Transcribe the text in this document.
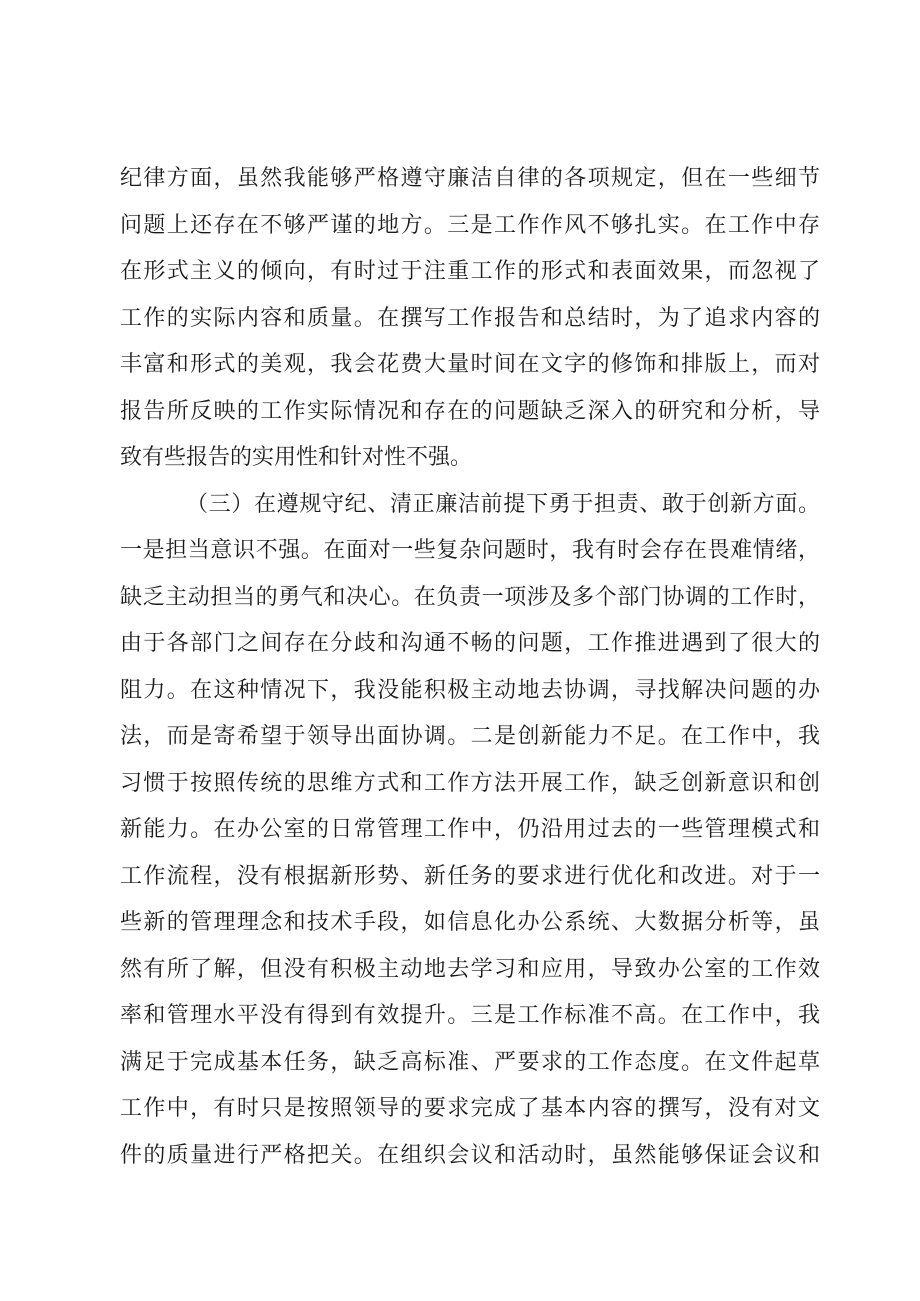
纪律方面，虽然我能够严格遵守廉洁自律的各项规定，但在一些细节
问题上还存在不够严谨的地方。三是工作作风不够扎实。在工作中存
在形式主义的倾向，有时过于注重工作的形式和表面效果，而忽视了
工作的实际内容和质量。在撰写工作报告和总结时，为了追求内容的
丰富和形式的美观，我会花费大量时间在文字的修饰和排版上，而对
报告所反映的工作实际情况和存在的问题缺乏深入的研究和分析，导
致有些报告的实用性和针对性不强。
（三）在遵规守纪、清正廉洁前提下勇于担责、敢于创新方面。
一是担当意识不强。在面对一些复杂问题时，我有时会存在畏难情绪，
缺乏主动担当的勇气和决心。在负责一项涉及多个部门协调的工作时，
由于各部门之间存在分歧和沟通不畅的问题，工作推进遇到了很大的
阻力。在这种情况下，我没能积极主动地去协调，寻找解决问题的办
法，而是寄希望于领导出面协调。二是创新能力不足。在工作中，我
习惯于按照传统的思维方式和工作方法开展工作，缺乏创新意识和创
新能力。在办公室的日常管理工作中，仍沿用过去的一些管理模式和
工作流程，没有根据新形势、新任务的要求进行优化和改进。对于一
些新的管理理念和技术手段，如信息化办公系统、大数据分析等，虽
然有所了解，但没有积极主动地去学习和应用，导致办公室的工作效
率和管理水平没有得到有效提升。三是工作标准不高。在工作中，我
满足于完成基本任务，缺乏高标准、严要求的工作态度。在文件起草
工作中，有时只是按照领导的要求完成了基本内容的撰写，没有对文
件的质量进行严格把关。在组织会议和活动时，虽然能够保证会议和
